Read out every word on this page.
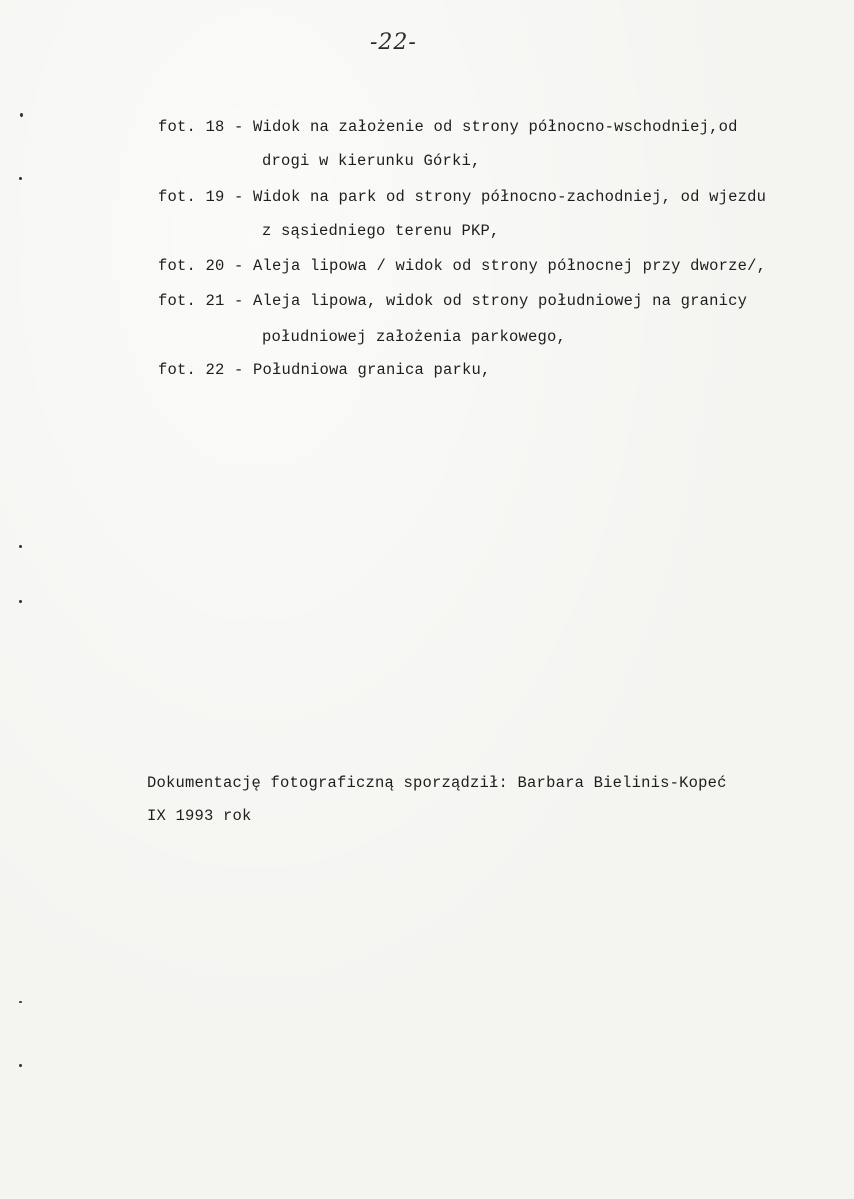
-22-
fot. 18 - Widok na założenie od strony północno-wschodniej,od
drogi w kierunku Górki,
fot. 19 - Widok na park od strony północno-zachodniej, od wjezdu
z sąsiedniego terenu PKP,
fot. 20 - Aleja lipowa / widok od strony północnej przy dworze/,
fot. 21 - Aleja lipowa, widok od strony południowej na granicy
południowej założenia parkowego,
fot. 22 - Południowa granica parku,
Dokumentację fotograficzną sporządził: Barbara Bielinis-Kopeć
IX 1993 rok
